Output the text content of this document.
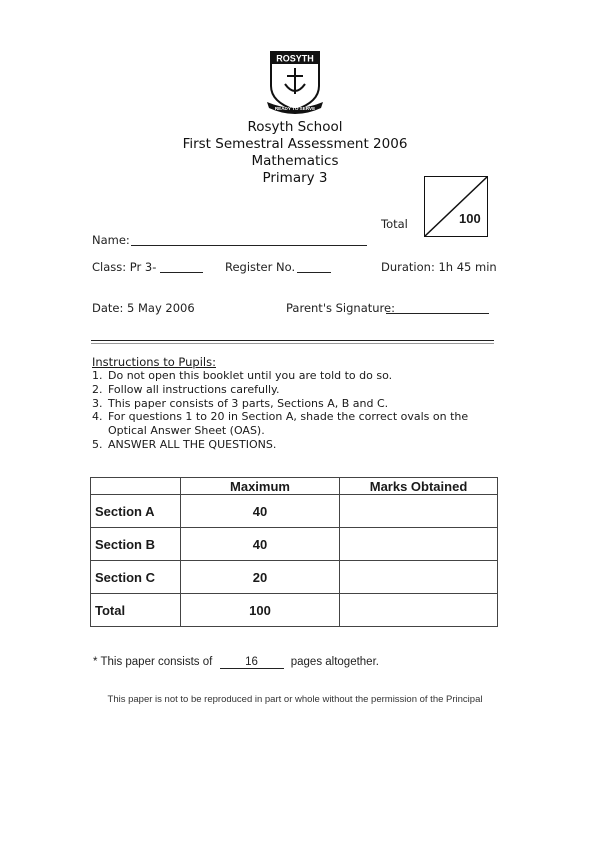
ROSYTH
READY TO SERVE
Rosyth School
First Semestral Assessment 2006
Mathematics
Primary 3
Total	100
Name:
Class: Pr 3-	Register No.	Duration: 1h 45 min
Date: 5 May 2006	Parent's Signature:
Instructions to Pupils:
1. Do not open this booklet until you are told to do so.
2. Follow all instructions carefully.
3. This paper consists of 3 parts, Sections A, B and C.
4. For questions 1 to 20 in Section A, shade the correct ovals on the Optical Answer Sheet (OAS).
5. ANSWER ALL THE QUESTIONS.
	Maximum	Marks Obtained
Section A	40	
Section B	40	
Section C	20	
Total	100	
* This paper consists of	16	pages altogether.
This paper is not to be reproduced in part or whole without the permission of the Principal
